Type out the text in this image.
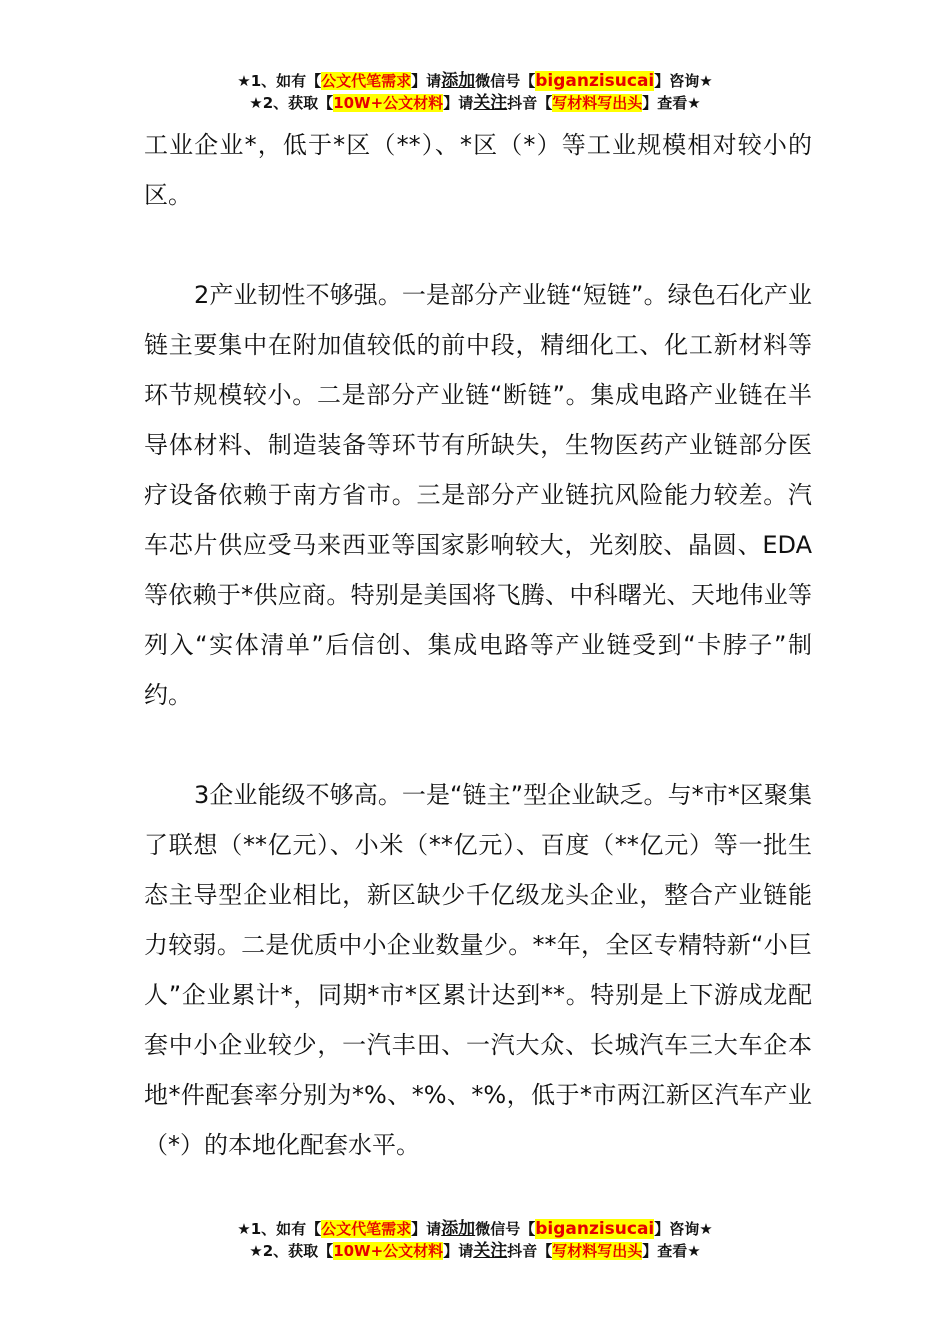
★1、如有【公文代笔需求】请添加微信号【biganzisucai】咨询★
★2、获取【10W+公文材料】请关注抖音【写材料写出头】查看★

工业企业*，低于*区（**）、*区（*）等工业规模相对较小的区。

2产业韧性不够强。一是部分产业链“短链”。绿色石化产业链主要集中在附加值较低的前中段，精细化工、化工新材料等环节规模较小。二是部分产业链“断链”。集成电路产业链在半导体材料、制造装备等环节有所缺失，生物医药产业链部分医疗设备依赖于南方省市。三是部分产业链抗风险能力较差。汽车芯片供应受马来西亚等国家影响较大，光刻胶、晶圆、EDA等依赖于*供应商。特别是美国将飞腾、中科曙光、天地伟业等列入“实体清单”后信创、集成电路等产业链受到“卡脖子”制约。

3企业能级不够高。一是“链主”型企业缺乏。与*市*区聚集了联想（**亿元）、小米（**亿元）、百度（**亿元）等一批生态主导型企业相比，新区缺少千亿级龙头企业，整合产业链能力较弱。二是优质中小企业数量少。**年，全区专精特新“小巨人”企业累计*，同期*市*区累计达到**。特别是上下游成龙配套中小企业较少，一汽丰田、一汽大众、长城汽车三大车企本地*件配套率分别为*%、*%、*%，低于*市两江新区汽车产业（*）的本地化配套水平。

★1、如有【公文代笔需求】请添加微信号【biganzisucai】咨询★
★2、获取【10W+公文材料】请关注抖音【写材料写出头】查看★
